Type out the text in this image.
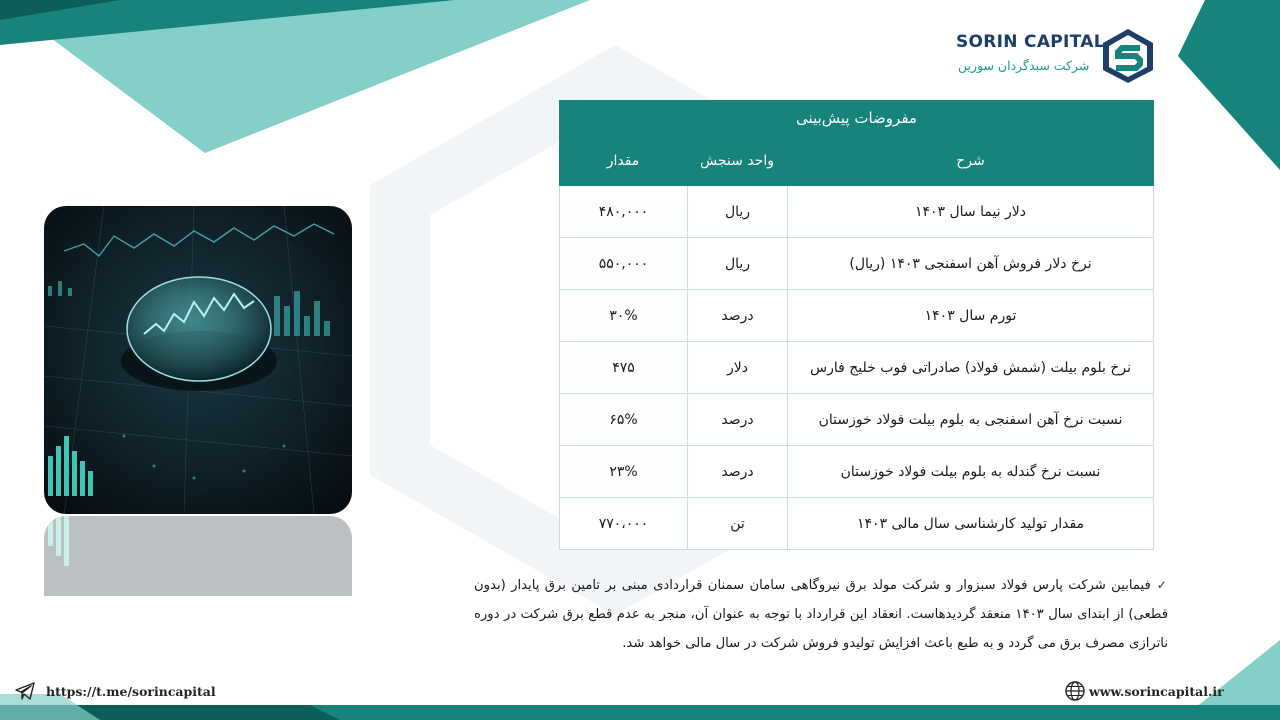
SORIN CAPITAL
شرکت سبدگردان سورین
مفروضات پیش‌بینی
مقدار	واحد سنجش	شرح
۴۸۰,۰۰۰	ریال	دلار نیما سال ۱۴۰۳
۵۵۰,۰۰۰	ریال	نرخ دلار فروش آهن اسفنجی ۱۴۰۳ (ریال)
۳۰%	درصد	تورم سال ۱۴۰۳
۴۷۵	دلار	نرخ بلوم بیلت (شمش فولاد) صادراتی فوب خلیج فارس
۶۵%	درصد	نسبت نرخ آهن اسفنجی به بلوم بیلت فولاد خوزستان
۲۳%	درصد	نسبت نرخ گندله به بلوم بیلت فولاد خوزستان
۷۷۰،۰۰۰	تن	مقدار تولید کارشناسی سال مالی ۱۴۰۳
✓فیمابین شرکت پارس فولاد سبزوار و شرکت مولد برق نیروگاهی سامان سمنان قراردادی مبنی بر تامین برق پایدار (بدون قطعی) از ابتدای سال ۱۴۰۳ منعقد گردیدهاست. انعقاد این قرارداد با توجه به عنوان آن، منجر به عدم قطع برق شرکت در دوره ناترازی مصرف برق می گردد و به طبع باعث افزایش تولیدو فروش شرکت در سال مالی خواهد شد.
https://t.me/sorincapital	www.sorincapital.ir
